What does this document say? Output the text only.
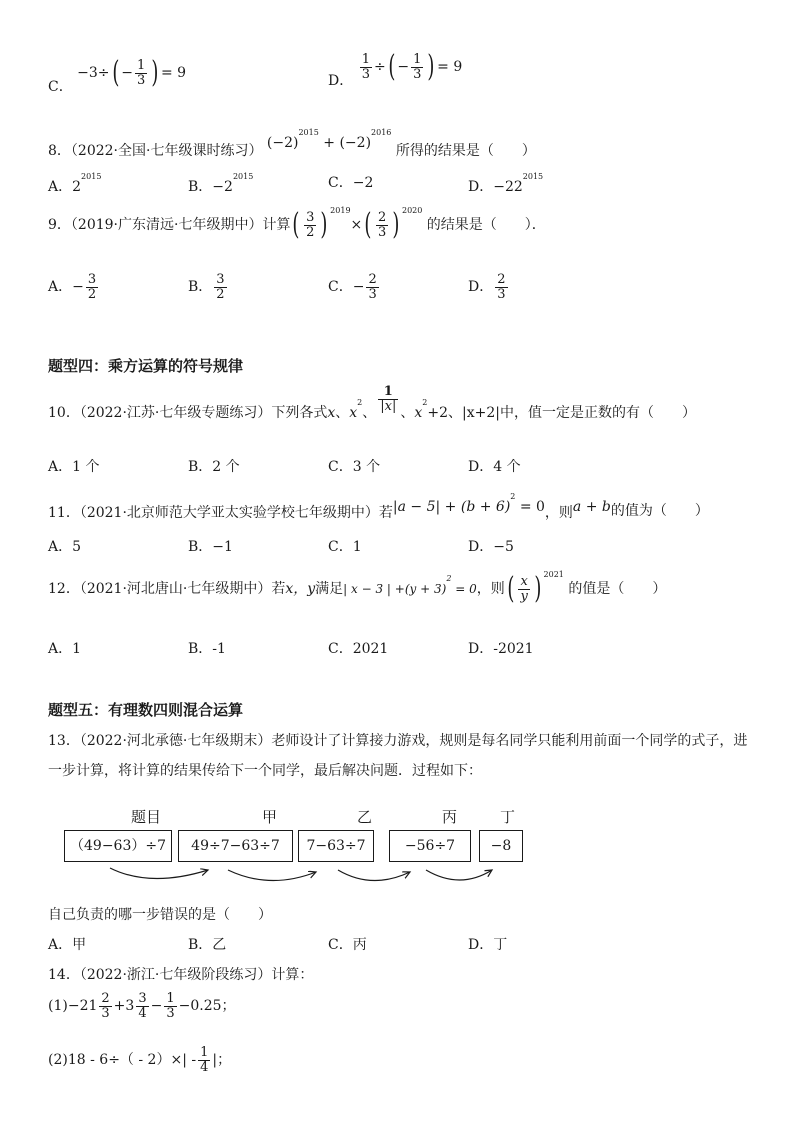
C． $-3\div( - \frac{1}{3}$ ) = 9	D． $\frac{1}{3}$ ÷( − $\frac{1}{3}$ ) = 9
8．（2022·全国·七年级课时练习） $(-2)^{2015} + (-2)^{2016}$ 所得的结果是（　　）
A．$2^{2015}$
B．$-2^{2015}$	C．−2	D．$-22^{2015}$
9．（2019·广东清远·七年级期中）计算( $\frac{3}{2}$ ) $^{2019}\times( \frac{2}{3}$ ) $^{2020}$ 的结果是（　　）．
A．− $\frac{3}{2}$	B． $\frac{3}{2}$	C．− $\frac{2}{3}$	D． $\frac{2}{3}$
题型四：乘方运算的符号规律
10．（2022·江苏·七年级专题练习）下列各式x、$x^2$、 $\frac{1}{|x|}$ 、$x^2+2$、|x+2|中，值一定是正数的有（　　）
A．1 个	B．2 个	C．3 个	D．4 个
11．（2021·北京师范大学亚太实验学校七年级期中）若$|a - 5| + (b + 6)^2 = 0$，则a + b的值为（　　）
A．5	B．−1	C．1	D．−5
12．（2021·河北唐山·七年级期中）若x，y满足| x − 3 | $+(y + 3)^2 = 0$，则( $\frac{x}{y}$ ) $^{2021}$ 的值是（　　）
A．1	B．-1	C．2021	D．-2021
题型五：有理数四则混合运算
13．（2022·河北承德·七年级期末）老师设计了计算接力游戏，规则是每名同学只能利用前面一个同学的式子，进
一步计算，将计算的结果传给下一个同学，最后解决问题．过程如下：
题目	甲	乙	丙	丁
（49−63）÷7	49÷7−63÷7	7−63÷7	−56÷7	−8
自己负责的哪一步错误的是（　　）
A．甲	B．乙	C．丙	D．丁
14．（2022·浙江·七年级阶段练习）计算：
$(1)-21 \frac{2}{3} +3 \frac{3}{4} - \frac{1}{3} -0.25$；
$(2)18 - 6\div( - 2)\times| - \frac{1}{4}$ |；
